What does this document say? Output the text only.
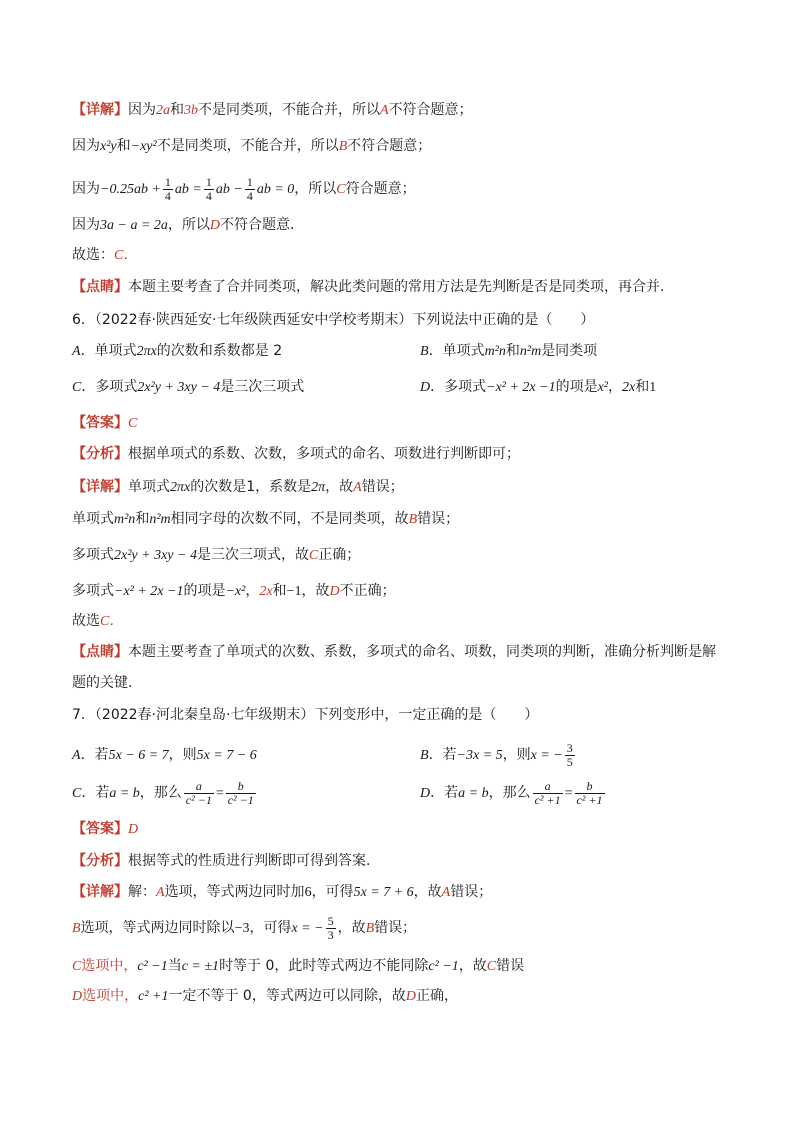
【详解】因为2a和3b不是同类项，不能合并，所以A不符合题意；
因为x²y和−xy²不是同类项，不能合并，所以B不符合题意；
因为$-0.25ab + \frac{1}{4}$ ab = $\frac{1}{4}$ ab − $\frac{1}{4}$ ab = 0，所以C符合题意；
因为3a − a = 2a，所以D不符合题意．
故选：C．
【点睛】本题主要考查了合并同类项，解决此类问题的常用方法是先判断是否是同类项，再合并．
6．（2022春·陕西延安·七年级陕西延安中学校考期末）下列说法中正确的是（　　）
A．单项式2πx的次数和系数都是 2	B．单项式m²n和n²m是同类项
C．多项式2x²y + 3xy − 4是三次三项式	D．多项式−x² + 2x −1的项是x²，2x和1
【答案】C
【分析】根据单项式的系数、次数，多项式的命名、项数进行判断即可；
【详解】单项式2πx的次数是1，系数是2π，故A错误；
单项式m²n和n²m相同字母的次数不同，不是同类项，故B错误；
多项式2x²y + 3xy − 4是三次三项式，故C正确；
多项式−x² + 2x −1的项是−x²，2x和−1，故D不正确；
故选C．
【点睛】本题主要考查了单项式的次数、系数，多项式的命名、项数，同类项的判断，准确分析判断是解
题的关键．
7．（2022春·河北秦皇岛·七年级期末）下列变形中，一定正确的是（　　）
A．若5x − 6 = 7，则5x = 7 − 6	B．若−3x = 5，则x = − $\frac{3}{5}$
C．若a = b，那么 $\frac{a}{\text{c² −1}} = \frac{b}{\text{c² −1}}$	D．若a = b，那么 $\frac{a}{\text{c² +1}} = \frac{b}{\text{c² +1}}$
【答案】D
【分析】根据等式的性质进行判断即可得到答案．
【详解】解：A选项，等式两边同时加6，可得5x = 7 + 6，故A错误；
B选项，等式两边同时除以−3，可得x = − $\frac{5}{3}$ ，故B错误；
C选项中，c² −1当c = ±1时等于 0，此时等式两边不能同除c² −1，故C错误
D选项中，c² +1一定不等于 0，等式两边可以同除，故D正确，
